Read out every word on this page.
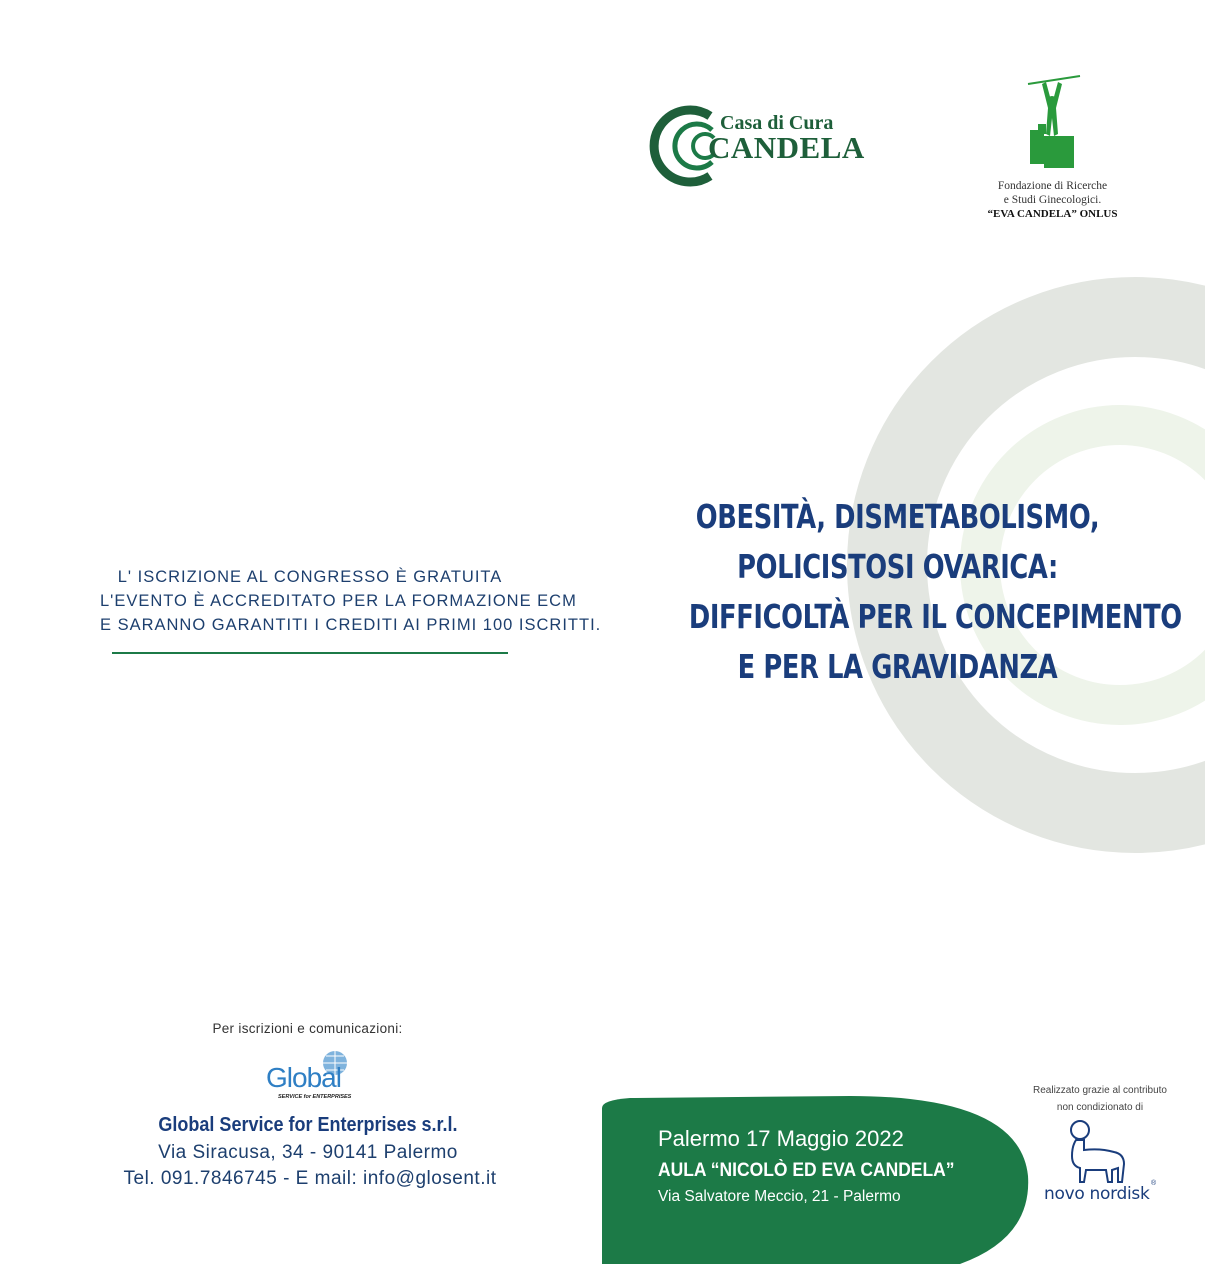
Casa di Cura
CANDELA
Fondazione di Ricerche
e Studi Ginecologici.
“EVA CANDELA” ONLUS
OBESITÀ, DISMETABOLISMO,
POLICISTOSI OVARICA:
DIFFICOLTÀ PER IL CONCEPIMENTO
E PER LA GRAVIDANZA
L' ISCRIZIONE AL CONGRESSO È GRATUITA
L'EVENTO È ACCREDITATO PER LA FORMAZIONE ECM
E SARANNO GARANTITI I CREDITI AI PRIMI 100 ISCRITTI.
Per iscrizioni e comunicazioni:
Global
SERVICE for ENTERPRISES
Global Service for Enterprises s.r.l.
Via Siracusa, 34 - 90141 Palermo
Tel. 091.7846745 - E mail: info@glosent.it
Palermo 17 Maggio 2022
AULA “NICOLÒ ED EVA CANDELA”
Via Salvatore Meccio, 21 - Palermo
Realizzato grazie al contributo
non condizionato di
novo nordisk
®
